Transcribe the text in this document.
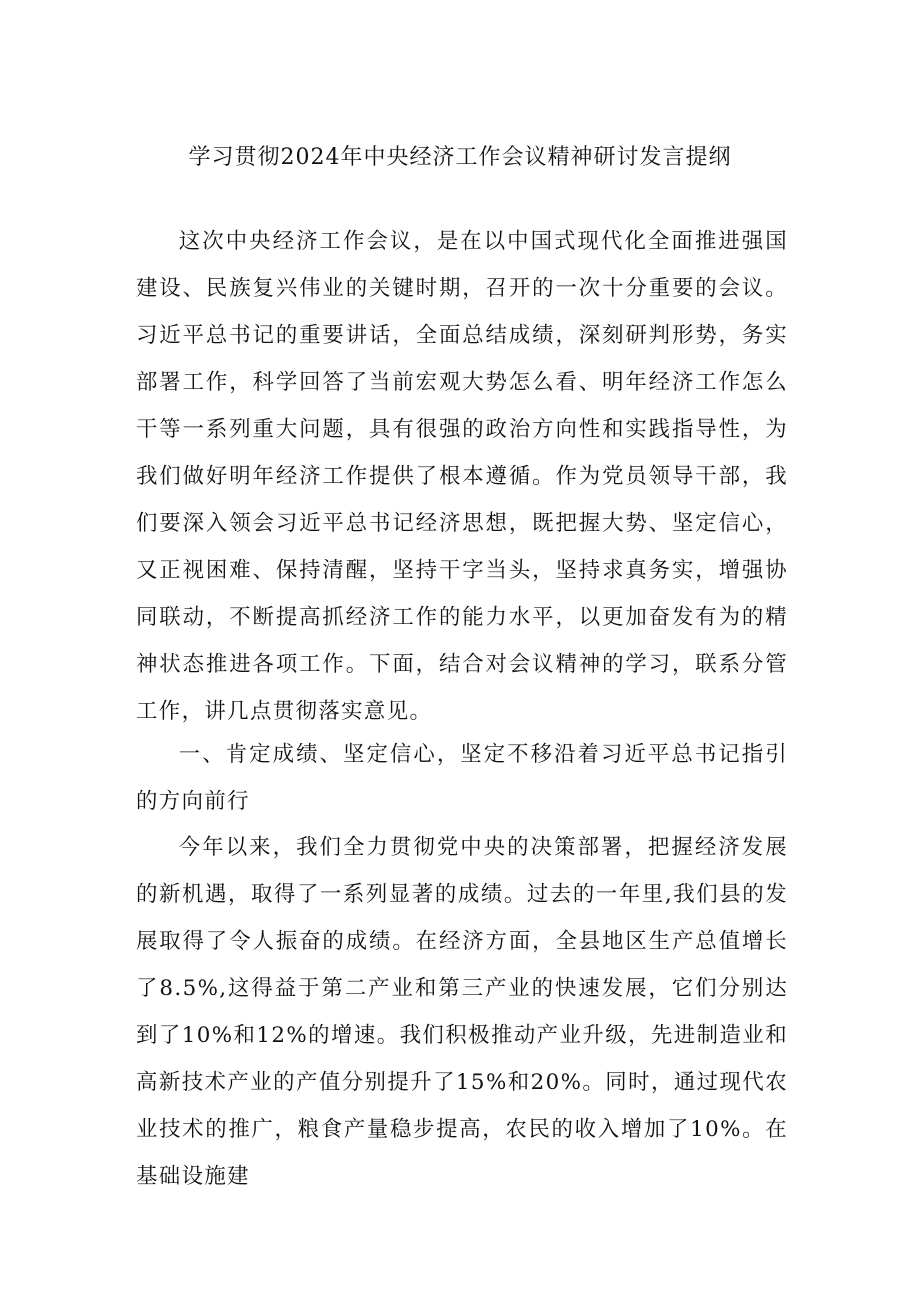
学习贯彻2024年中央经济工作会议精神研讨发言提纲

这次中央经济工作会议，是在以中国式现代化全面推进强国建设、民族复兴伟业的关键时期，召开的一次十分重要的会议。习近平总书记的重要讲话，全面总结成绩，深刻研判形势，务实部署工作，科学回答了当前宏观大势怎么看、明年经济工作怎么干等一系列重大问题，具有很强的政治方向性和实践指导性，为我们做好明年经济工作提供了根本遵循。作为党员领导干部，我们要深入领会习近平总书记经济思想，既把握大势、坚定信心，又正视困难、保持清醒，坚持干字当头，坚持求真务实，增强协同联动，不断提高抓经济工作的能力水平，以更加奋发有为的精神状态推进各项工作。下面，结合对会议精神的学习，联系分管工作，讲几点贯彻落实意见。

一、肯定成绩、坚定信心，坚定不移沿着习近平总书记指引的方向前行

今年以来，我们全力贯彻党中央的决策部署，把握经济发展的新机遇，取得了一系列显著的成绩。过去的一年里,我们县的发展取得了令人振奋的成绩。在经济方面，全县地区生产总值增长了8.5%,这得益于第二产业和第三产业的快速发展，它们分别达到了10%和12%的增速。我们积极推动产业升级，先进制造业和高新技术产业的产值分别提升了15%和20%。同时，通过现代农业技术的推广，粮食产量稳步提高，农民的收入增加了10%。在基础设施建
